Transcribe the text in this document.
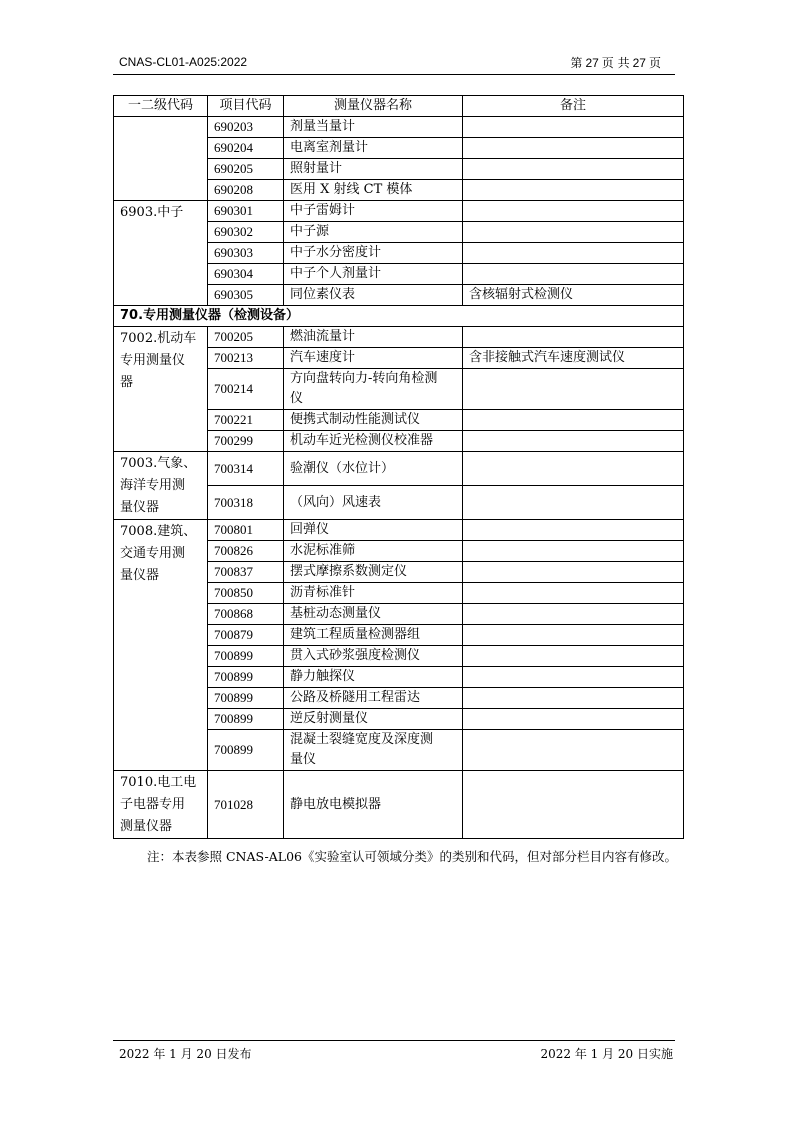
CNAS-CL01-A025:2022	第 27 页 共 27 页
一二级代码	项目代码	测量仪器名称	备注
	690203	剂量当量计	
	690204	电离室剂量计	
	690205	照射量计	
	690208	医用 X 射线 CT 模体	
6903.中子	690301	中子雷姆计	
	690302	中子源	
	690303	中子水分密度计	
	690304	中子个人剂量计	
	690305	同位素仪表	含核辐射式检测仪
70.专用测量仪器（检测设备）			

7002.机动车
专用测量仪
器	700205	燃油流量计	
	700213	汽车速度计	含非接触式汽车速度测试仪
	700214	方向盘转向力-转向角检测
仪	

	700221	便携式制动性能测试仪	
	700299	机动车近光检测仪校准器	

7003.气象、
海洋专用测
量仪器	700314	验潮仪（水位计）	
	700318	（风向）风速表	

7008.建筑、
交通专用测
量仪器	700801	回弹仪	
	700826	水泥标准筛	
	700837	摆式摩擦系数测定仪	
	700850	沥青标准针	
	700868	基桩动态测量仪	
	700879	建筑工程质量检测器组	
	700899	贯入式砂浆强度检测仪	
	700899	静力触探仪	
	700899	公路及桥隧用工程雷达	
	700899	逆反射测量仪	
	700899	混凝土裂缝宽度及深度测
量仪	

7010.电工电
子电器专用
测量仪器	701028	静电放电模拟器	
注：本表参照 CNAS-AL06《实验室认可领域分类》的类别和代码，但对部分栏目内容有修改。
2022 年 1 月 20 日发布	2022 年 1 月 20 日实施
